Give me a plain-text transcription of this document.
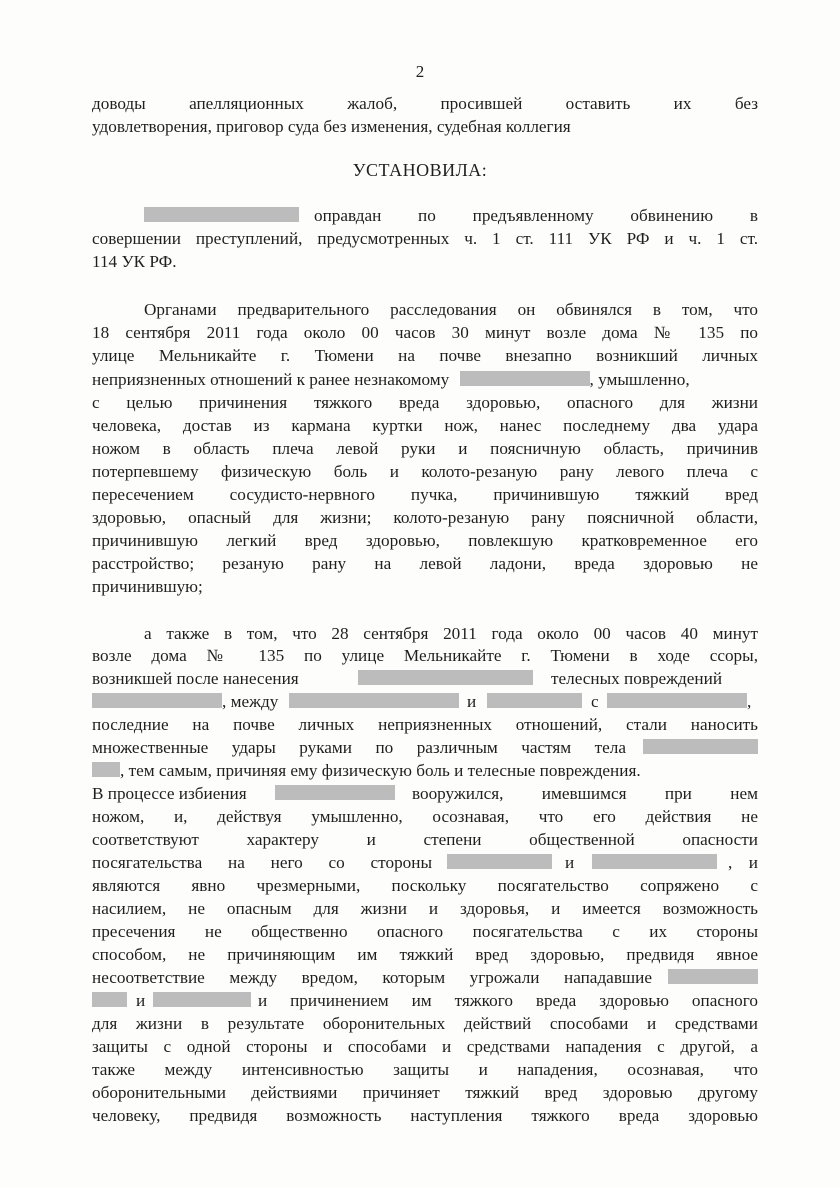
2
доводы апелляционных жалоб, просившей оставить их без
удовлетворения, приговор суда без изменения, судебная коллегия
УСТАНОВИЛА:
оправдан по предъявленному обвинению в
совершении преступлений, предусмотренных ч. 1 ст. 111 УК РФ и ч. 1 ст.
114 УК РФ.
Органами предварительного расследования он обвинялся в том, что
18 сентября 2011 года около 00 часов 30 минут возле дома № 135 по
улице Мельникайте г. Тюмени на почве внезапно возникший личных
неприязненных отношений к ранее незнакомому	, умышленно,
с целью причинения тяжкого вреда здоровью, опасного для жизни
человека, достав из кармана куртки нож, нанес последнему два удара
ножом в область плеча левой руки и поясничную область, причинив
потерпевшему физическую боль и колото-резаную рану левого плеча с
пересечением сосудисто-нервного пучка, причинившую тяжкий вред
здоровью, опасный для жизни; колото-резаную рану поясничной области,
причинившую легкий вред здоровью, повлекшую кратковременное его
расстройство; резаную рану на левой ладони, вреда здоровью не
причинившую;
а также в том, что 28 сентября 2011 года около 00 часов 40 минут
возле дома № 135 по улице Мельникайте г. Тюмени в ходе ссоры,
возникшей после нанесения	телесных повреждений
, между	и	с	,
последние на почве личных неприязненных отношений, стали наносить
множественные удары руками по различным частям тела
, тем самым, причиняя ему физическую боль и телесные повреждения.
В процессе избиения	вооружился, имевшимся при нем
ножом, и, действуя умышленно, осознавая, что его действия не
соответствуют характеру и степени общественной опасности
посягательства на него со стороны	и	, и
являются явно чрезмерными, поскольку посягательство сопряжено с
насилием, не опасным для жизни и здоровья, и имеется возможность
пресечения не общественно опасного посягательства с их стороны
способом, не причиняющим им тяжкий вред здоровью, предвидя явное
несоответствие между вредом, которым угрожали нападавшие
и	и причинением им тяжкого вреда здоровью опасного
для жизни в результате оборонительных действий способами и средствами
защиты с одной стороны и способами и средствами нападения с другой, а
также между интенсивностью защиты и нападения, осознавая, что
оборонительными действиями причиняет тяжкий вред здоровью другому
человеку, предвидя возможность наступления тяжкого вреда здоровью
